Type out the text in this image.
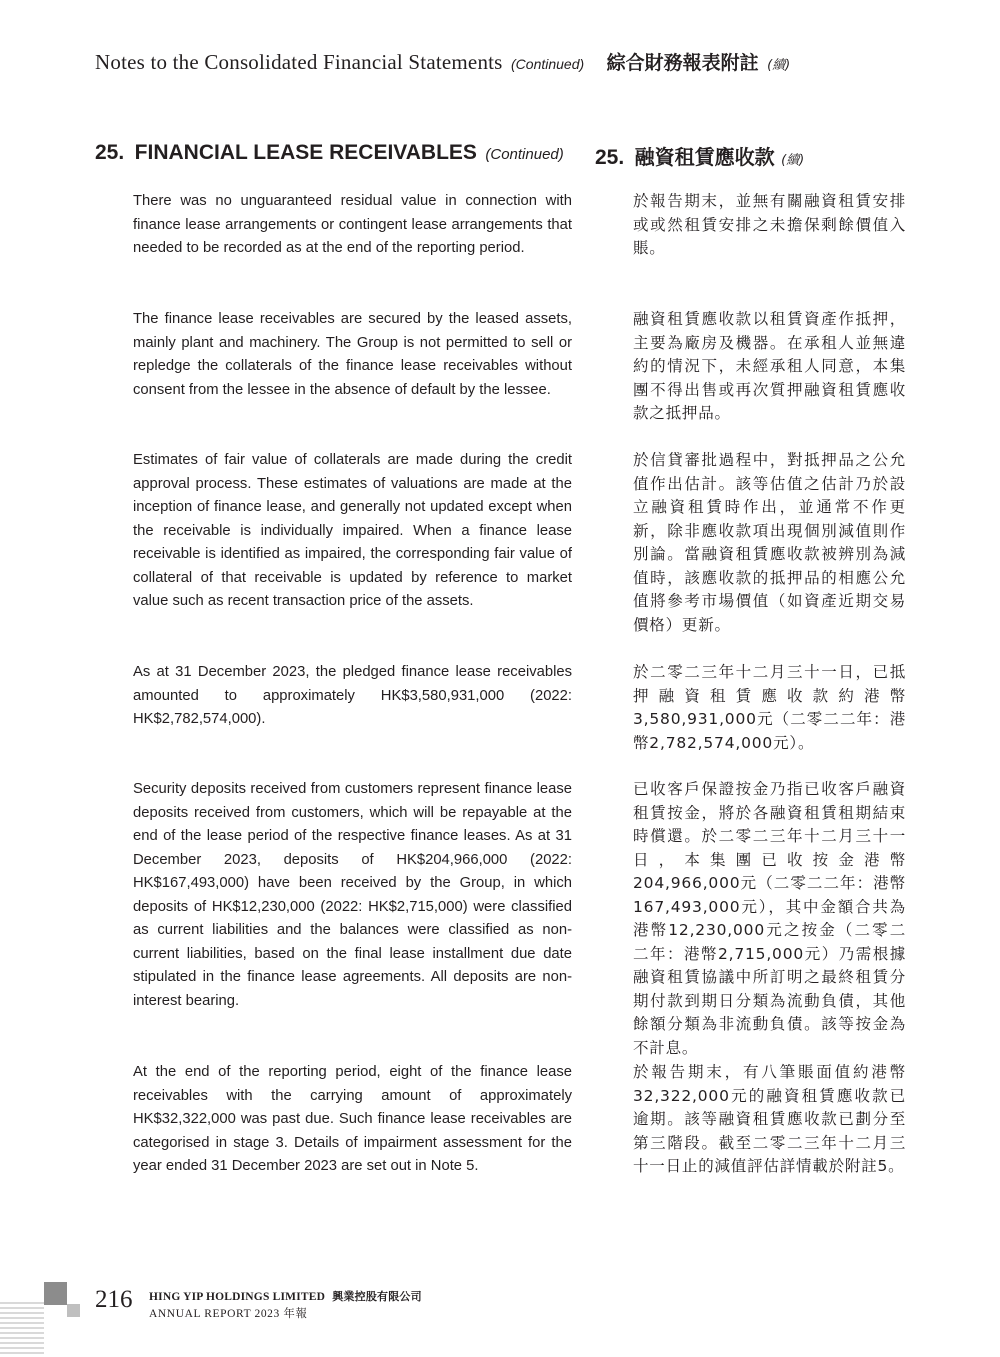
Notes to the Consolidated Financial Statements (Continued) 綜合財務報表附註 (續)
25. FINANCIAL LEASE RECEIVABLES (Continued) 25. 融資租賃應收款 (續)

There was no unguaranteed residual value in connection with finance lease arrangements or contingent lease arrangements that needed to be recorded as at the end of the reporting period.

於報告期末，並無有關融資租賃安排或或然租賃安排之未擔保剩餘價值入賬。

The finance lease receivables are secured by the leased assets, mainly plant and machinery. The Group is not permitted to sell or repledge the collaterals of the finance lease receivables without consent from the lessee in the absence of default by the lessee.

融資租賃應收款以租賃資產作抵押，主要為廠房及機器。在承租人並無違約的情況下，未經承租人同意，本集團不得出售或再次質押融資租賃應收款之抵押品。

Estimates of fair value of collaterals are made during the credit approval process. These estimates of valuations are made at the inception of finance lease, and generally not updated except when the receivable is individually impaired. When a finance lease receivable is identified as impaired, the corresponding fair value of collateral of that receivable is updated by reference to market value such as recent transaction price of the assets.

於信貸審批過程中，對抵押品之公允值作出估計。該等估值之估計乃於設立融資租賃時作出，並通常不作更新，除非應收款項出現個別減值則作別論。當融資租賃應收款被辨別為減值時，該應收款的抵押品的相應公允值將參考市場價值（如資產近期交易價格）更新。

As at 31 December 2023, the pledged finance lease receivables amounted to approximately HK$3,580,931,000 (2022: HK$2,782,574,000).

於二零二三年十二月三十一日，已抵押融資租賃應收款約港幣3,580,931,000元（二零二二年：港幣2,782,574,000元）。

Security deposits received from customers represent finance lease deposits received from customers, which will be repayable at the end of the lease period of the respective finance leases. As at 31 December 2023, deposits of HK$204,966,000 (2022: HK$167,493,000) have been received by the Group, in which deposits of HK$12,230,000 (2022: HK$2,715,000) were classified as current liabilities and the balances were classified as non-current liabilities, based on the final lease installment due date stipulated in the finance lease agreements. All deposits are non-interest bearing.

已收客戶保證按金乃指已收客戶融資租賃按金，將於各融資租賃租期結束時償還。於二零二三年十二月三十一日，本集團已收按金港幣204,966,000元（二零二二年：港幣167,493,000元），其中金額合共為港幣12,230,000元之按金（二零二二年：港幣2,715,000元）乃需根據融資租賃協議中所訂明之最終租賃分期付款到期日分類為流動負債，其他餘額分類為非流動負債。該等按金為不計息。

At the end of the reporting period, eight of the finance lease receivables with the carrying amount of approximately HK$32,322,000 was past due. Such finance lease receivables are categorised in stage 3. Details of impairment assessment for the year ended 31 December 2023 are set out in Note 5.

於報告期末，有八筆賬面值約港幣32,322,000元的融資租賃應收款已逾期。該等融資租賃應收款已劃分至第三階段。截至二零二三年十二月三十一日止的減值評估詳情載於附註5。

216 HING YIP HOLDINGS LIMITED 興業控股有限公司
ANNUAL REPORT 2023 年報
